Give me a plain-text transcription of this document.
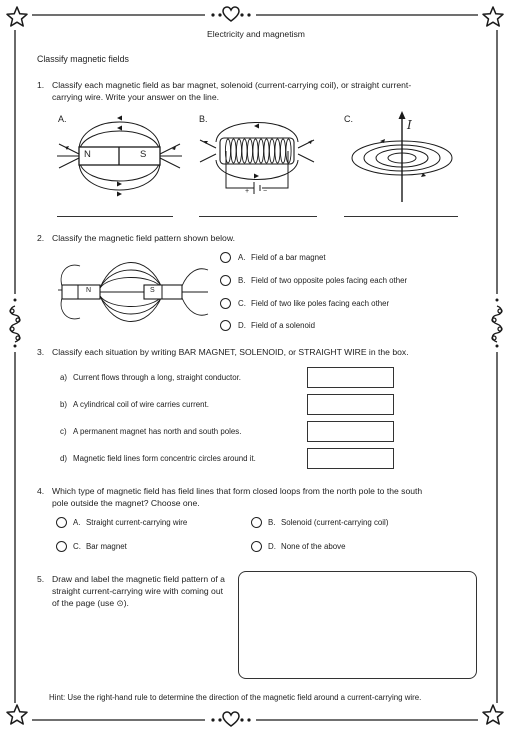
Electricity and magnetism
Classify magnetic fields
1. Classify each magnetic field as bar magnet, solenoid (current-carrying coil), or straight current-carrying wire. Write your answer on the line.
A.	B.	C.
N	S
+ −
I
2. Classify the magnetic field pattern shown below.
N	S
A. Field of a bar magnet
B. Field of two opposite poles facing each other
C. Field of two like poles facing each other
D. Field of a solenoid
3. Classify each situation by writing BAR MAGNET, SOLENOID, or STRAIGHT WIRE in the box.
a) Current flows through a long, straight conductor.
b) A cylindrical coil of wire carries current.
c) A permanent magnet has north and south poles.
d) Magnetic field lines form concentric circles around it.
4. Which type of magnetic field has field lines that form closed loops from the north pole to the south pole outside the magnet? Choose one.
A. Straight current-carrying wire	B. Solenoid (current-carrying coil)
C. Bar magnet	D. None of the above
5. Draw and label the magnetic field pattern of a straight current-carrying wire with coming out of the page (use ⊙).
Hint: Use the right-hand rule to determine the direction of the magnetic field around a current-carrying wire.
